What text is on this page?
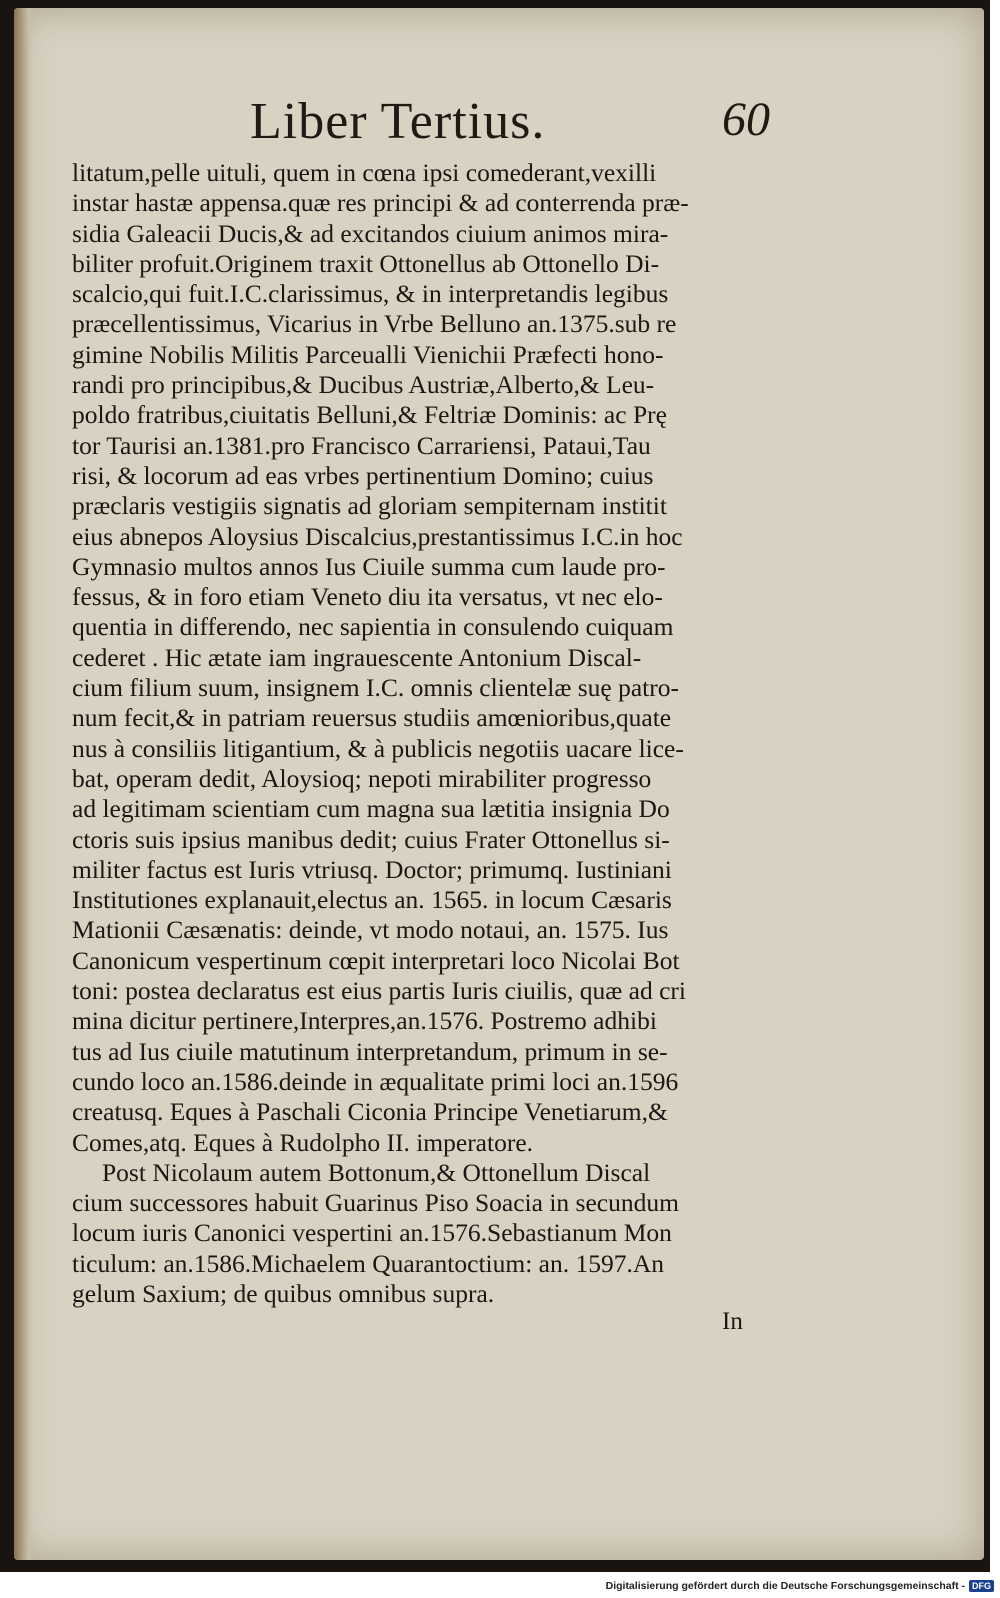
Liber Tertius.	60
litatum,pelle uituli, quem in cœna ipsi comederant,vexilli
instar hastæ appensa.quæ res principi & ad conterrenda præ-
sidia Galeacii Ducis,& ad excitandos ciuium animos mira-
biliter profuit.Originem traxit Ottonellus ab Ottonello Di-
scalcio,qui fuit.I.C.clarissimus, & in interpretandis legibus
præcellentissimus, Vicarius in Vrbe Belluno an.1375.sub re
gimine Nobilis Militis Parceualli Vienichii Præfecti hono-
randi pro principibus,& Ducibus Austriæ,Alberto,& Leu-
poldo fratribus,ciuitatis Belluni,& Feltriæ Dominis: ac Prę
tor Taurisi an.1381.pro Francisco Carrariensi, Pataui,Tau
risi, & locorum ad eas vrbes pertinentium Domino; cuius
præclaris vestigiis signatis ad gloriam sempiternam institit
eius abnepos Aloysius Discalcius,prestantissimus I.C.in hoc
Gymnasio multos annos Ius Ciuile summa cum laude pro-
fessus, & in foro etiam Veneto diu ita versatus, vt nec elo-
quentia in differendo, nec sapientia in consulendo cuiquam
cederet . Hic ætate iam ingrauescente Antonium Discal-
cium filium suum, insignem I.C. omnis clientelæ suę patro-
num fecit,& in patriam reuersus studiis amœnioribus,quate
nus à consiliis litigantium, & à publicis negotiis uacare lice-
bat, operam dedit, Aloysioq; nepoti mirabiliter progresso
ad legitimam scientiam cum magna sua lætitia insignia Do
ctoris suis ipsius manibus dedit; cuius Frater Ottonellus si-
militer factus est Iuris vtriusq. Doctor; primumq. Iustiniani
Institutiones explanauit,electus an. 1565. in locum Cæsaris
Mationii Cæsænatis: deinde, vt modo notaui, an. 1575. Ius
Canonicum vespertinum cœpit interpretari loco Nicolai Bot
toni: postea declaratus est eius partis Iuris ciuilis, quæ ad cri
mina dicitur pertinere,Interpres,an.1576. Postremo adhibi
tus ad Ius ciuile matutinum interpretandum, primum in se-
cundo loco an.1586.deinde in æqualitate primi loci an.1596
creatusq. Eques à Paschali Ciconia Principe Venetiarum,&
Comes,atq. Eques à Rudolpho II. imperatore.
Post Nicolaum autem Bottonum,& Ottonellum Discal
cium successores habuit Guarinus Piso Soacia in secundum
locum iuris Canonici vespertini an.1576.Sebastianum Mon
ticulum: an.1586.Michaelem Quarantoctium: an. 1597.An
gelum Saxium; de quibus omnibus supra.
In
Digitalisierung gefördert durch die Deutsche Forschungsgemeinschaft - DFG
